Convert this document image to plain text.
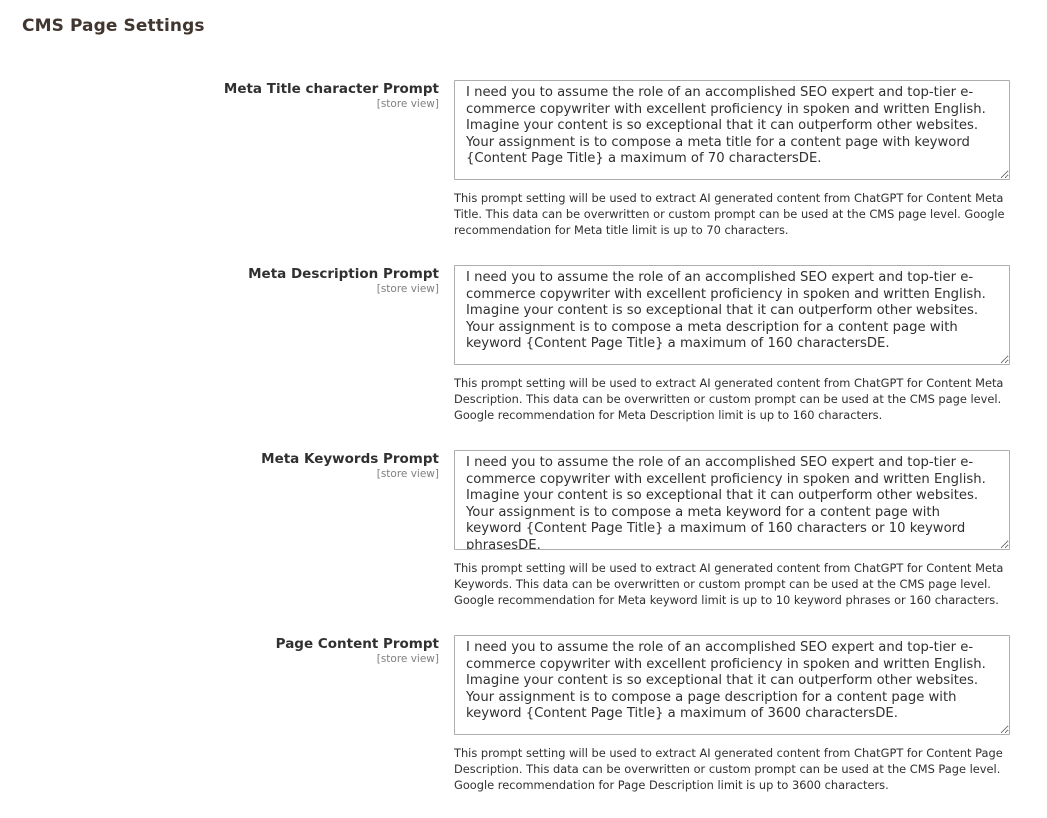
CMS Page Settings
Meta Title character Prompt
[store view]
I need you to assume the role of an accomplished SEO expert and top-tier e-commerce copywriter with excellent proficiency in spoken and written English. Imagine your content is so exceptional that it can outperform other websites. Your assignment is to compose a meta title for a content page with keyword {Content Page Title} a maximum of 70 charactersDE.
This prompt setting will be used to extract AI generated content from ChatGPT for Content Meta Title. This data can be overwritten or custom prompt can be used at the CMS page level. Google recommendation for Meta title limit is up to 70 characters.
Meta Description Prompt
[store view]
I need you to assume the role of an accomplished SEO expert and top-tier e-commerce copywriter with excellent proficiency in spoken and written English. Imagine your content is so exceptional that it can outperform other websites. Your assignment is to compose a meta description for a content page with keyword {Content Page Title} a maximum of 160 charactersDE.
This prompt setting will be used to extract AI generated content from ChatGPT for Content Meta Description. This data can be overwritten or custom prompt can be used at the CMS page level. Google recommendation for Meta Description limit is up to 160 characters.
Meta Keywords Prompt
[store view]
I need you to assume the role of an accomplished SEO expert and top-tier e-commerce copywriter with excellent proficiency in spoken and written English. Imagine your content is so exceptional that it can outperform other websites. Your assignment is to compose a meta keyword for a content page with keyword {Content Page Title} a maximum of 160 characters or 10 keyword phrasesDE.
This prompt setting will be used to extract AI generated content from ChatGPT for Content Meta Keywords. This data can be overwritten or custom prompt can be used at the CMS page level. Google recommendation for Meta keyword limit is up to 10 keyword phrases or 160 characters.
Page Content Prompt
[store view]
I need you to assume the role of an accomplished SEO expert and top-tier e-commerce copywriter with excellent proficiency in spoken and written English. Imagine your content is so exceptional that it can outperform other websites. Your assignment is to compose a page description for a content page with keyword {Content Page Title} a maximum of 3600 charactersDE.
This prompt setting will be used to extract AI generated content from ChatGPT for Content Page Description. This data can be overwritten or custom prompt can be used at the CMS Page level. Google recommendation for Page Description limit is up to 3600 characters.
